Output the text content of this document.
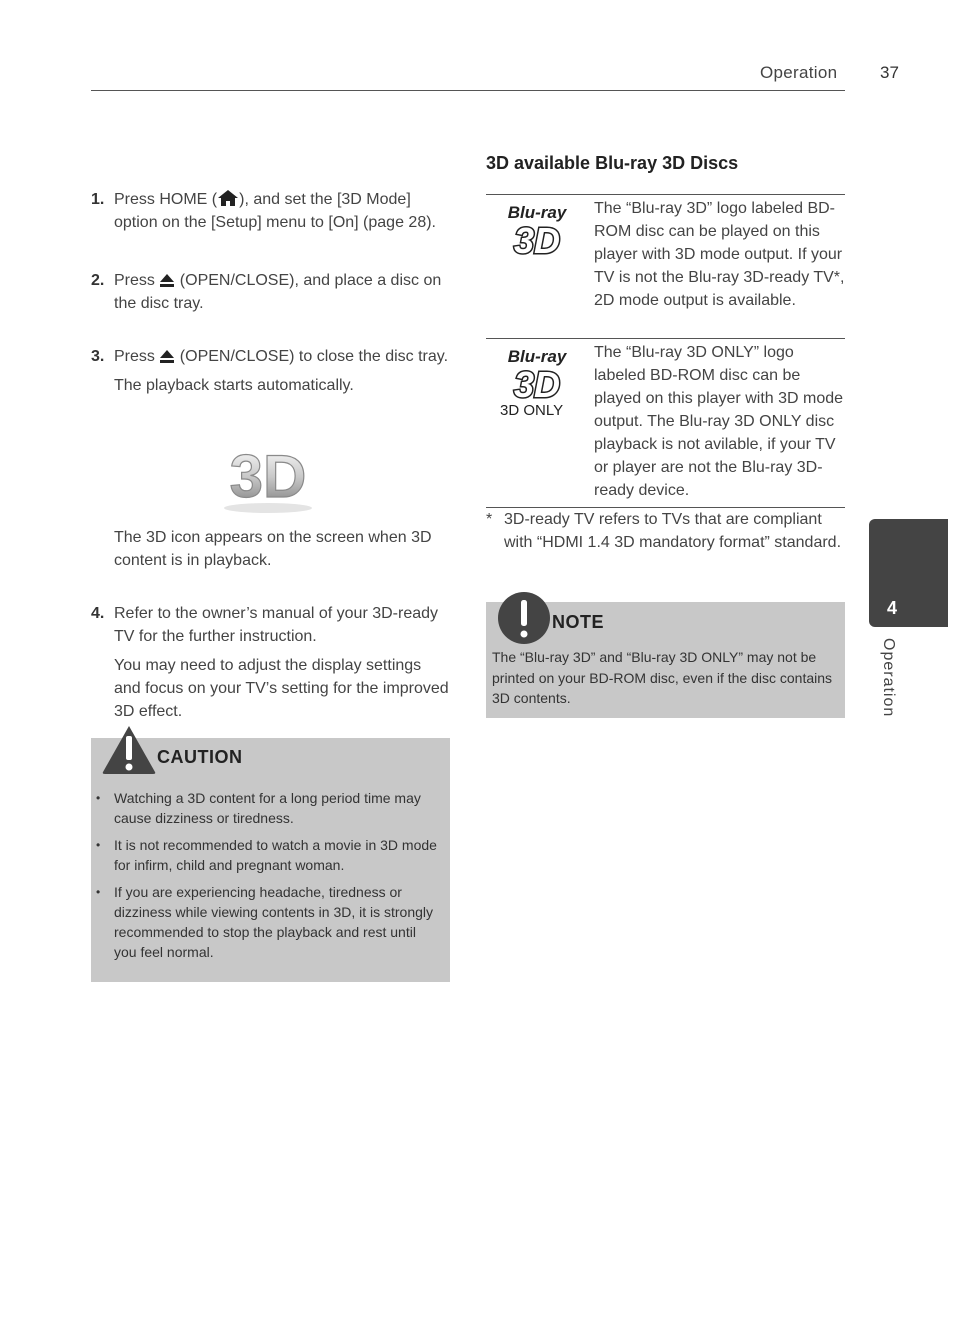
Operation	37
1. Press HOME ( ), and set the [3D Mode] option on the [Setup] menu to [On] (page 28).
2. Press  (OPEN/CLOSE), and place a disc on the disc tray.
3. Press  (OPEN/CLOSE) to close the disc tray.
The playback starts automatically.
3D
The 3D icon appears on the screen when 3D content is in playback.
4. Refer to the owner’s manual of your 3D-ready TV for the further instruction.
You may need to adjust the display settings and focus on your TV’s setting for the improved 3D effect.
CAUTION
• Watching a 3D content for a long period time may cause dizziness or tiredness.
• It is not recommended to watch a movie in 3D mode for infirm, child and pregnant woman.
• If you are experiencing headache, tiredness or dizziness while viewing contents in 3D, it is strongly recommended to stop the playback and rest until you feel normal.
3D available Blu-ray 3D Discs
Blu-ray
3D
The “Blu-ray 3D” logo labeled BD-ROM disc can be played on this player with 3D mode output. If your TV is not the Blu-ray 3D-ready TV*, 2D mode output is available.
Blu-ray
3D
3D ONLY
The “Blu-ray 3D ONLY” logo labeled BD-ROM disc can be played on this player with 3D mode output. The Blu-ray 3D ONLY disc playback is not avilable, if your TV or player are not the Blu-ray 3D-ready device.
* 3D-ready TV refers to TVs that are compliant with “HDMI 1.4 3D mandatory format” standard.
NOTE
The “Blu-ray 3D” and “Blu-ray 3D ONLY” may not be printed on your BD-ROM disc, even if the disc contains 3D contents.
4
Operation
